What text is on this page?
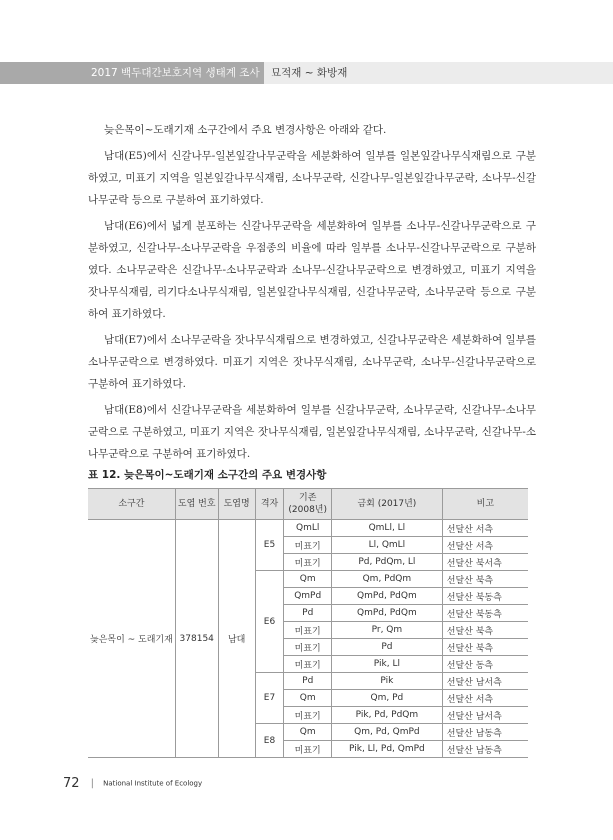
2017 백두대간보호지역 생태계 조사	묘적재 ~ 화방재

늦은목이~도래기재 소구간에서 주요 변경사항은 아래와 같다.

남대(E5)에서 신갈나무-일본잎갈나무군락을 세분화하여 일부를 일본잎갈나무식재림으로 구분하였고, 미표기 지역을 일본잎갈나무식재림, 소나무군락, 신갈나무-일본잎갈나무군락, 소나무-신갈나무군락 등으로 구분하여 표기하였다.

남대(E6)에서 넓게 분포하는 신갈나무군락을 세분화하여 일부를 소나무-신갈나무군락으로 구분하였고, 신갈나무-소나무군락을 우점종의 비율에 따라 일부를 소나무-신갈나무군락으로 구분하였다. 소나무군락은 신갈나무-소나무군락과 소나무-신갈나무군락으로 변경하였고, 미표기 지역을 잣나무식재림, 리기다소나무식재림, 일본잎갈나무식재림, 신갈나무군락, 소나무군락 등으로 구분하여 표기하였다.

남대(E7)에서 소나무군락을 잣나무식재림으로 변경하였고, 신갈나무군락은 세분화하여 일부를 소나무군락으로 변경하였다. 미표기 지역은 잣나무식재림, 소나무군락, 소나무-신갈나무군락으로 구분하여 표기하였다.

남대(E8)에서 신갈나무군락을 세분화하여 일부를 신갈나무군락, 소나무군락, 신갈나무-소나무군락으로 구분하였고, 미표기 지역은 잣나무식재림, 일본잎갈나무식재림, 소나무군락, 신갈나무-소나무군락으로 구분하여 표기하였다.

표 12. 늦은목이~도래기재 소구간의 주요 변경사항
소구간	도엽 번호	도엽명	격자	기존 (2008년)	금회 (2017년)	비고
늦은목이 ~ 도래기재	378154	남대	E5	QmLl	QmLl, Ll	선달산 서측
				미표기	Ll, QmLl	선달산 서측
				미표기	Pd, PdQm, Ll	선달산 북서측
			E6	Qm	Qm, PdQm	선달산 북측
				QmPd	QmPd, PdQm	선달산 북동측
				Pd	QmPd, PdQm	선달산 북동측
				미표기	Pr, Qm	선달산 북측
				미표기	Pd	선달산 북측
				미표기	Pik, Ll	선달산 동측
			E7	Pd	Pik	선달산 남서측
				Qm	Qm, Pd	선달산 서측
				미표기	Pik, Pd, PdQm	선달산 남서측
			E8	Qm	Qm, Pd, QmPd	선달산 남동측
				미표기	Pik, Ll, Pd, QmPd	선달산 남동측
72 | National Institute of Ecology
